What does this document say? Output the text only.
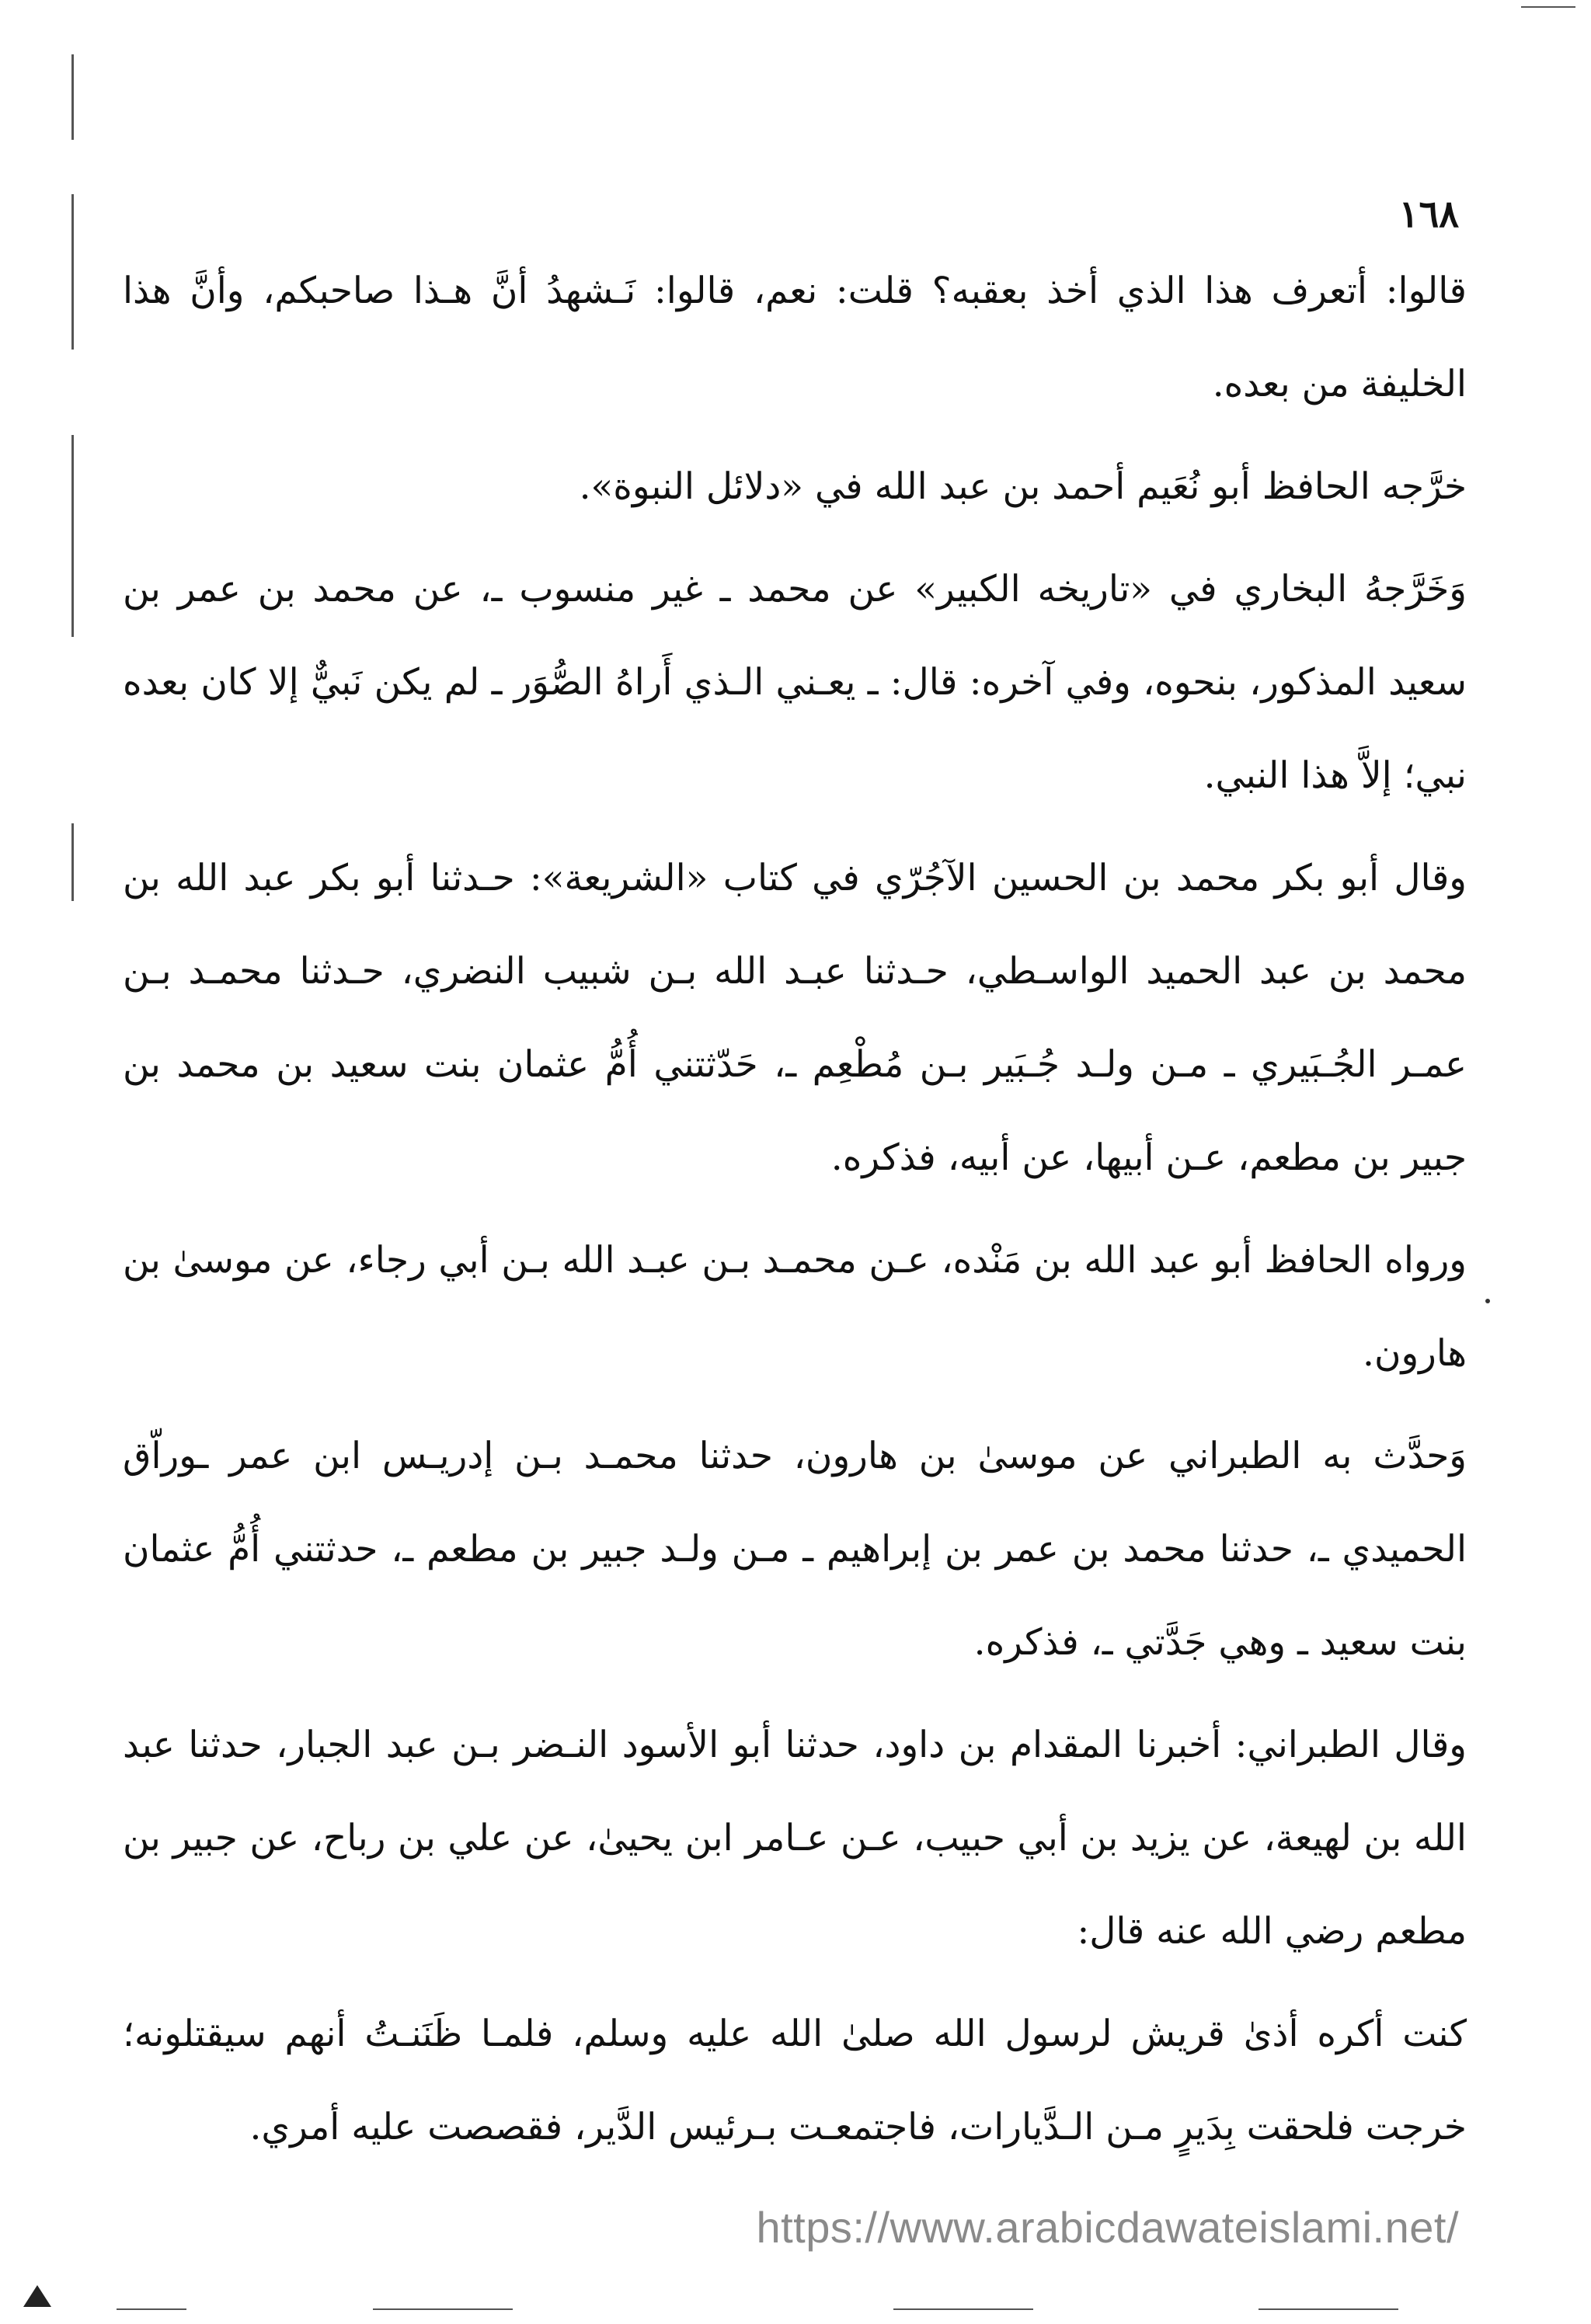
١٦٨

قالوا: أتعرف هذا الذي أخذ بعقبه؟ قلت: نعم، قالوا: نَـشهدُ أنَّ هـذا صاحبكم، وأنَّ هذا الخليفة من بعده.

خرَّجه الحافظ أبو نُعَيم أحمد بن عبد الله في «دلائل النبوة».

وَخَرَّجهُ البخاري في «تاريخه الكبير» عن محمد ـ غير منسوب ـ، عن محمد بن عمر بن سعيد المذكور، بنحوه، وفي آخره: قال: ـ يعـني الـذي أَراهُ الصُّوَر ـ لم يكن نَبيٌّ إلا كان بعده نبي؛ إلاَّ هذا النبي.

وقال أبو بكر محمد بن الحسين الآجُرّي في كتاب «الشريعة»: حـدثنا أبو بكر عبد الله بن محمد بن عبد الحميد الواسـطي، حـدثنا عبـد الله بـن شبيب النضري، حـدثنا محمـد بـن عمـر الجُـبَيري ـ مـن ولـد جُـبَير بـن مُطْعِم ـ، حَدّثتني أُمُّ عثمان بنت سعيد بن محمد بن جبير بن مطعم، عـن أبيها، عن أبيه، فذكره.

ورواه الحافظ أبو عبد الله بن مَنْده، عـن محمـد بـن عبـد الله بـن أبي رجاء، عن موسىٰ بن هارون.

وَحدَّث به الطبراني عن موسىٰ بن هارون، حدثنا محمـد بـن إدريـس ابن عمر ـوراّق الحميدي ـ، حدثنا محمد بن عمر بن إبراهيم ـ مـن ولـد جبير بن مطعم ـ، حدثتني أُمُّ عثمان بنت سعيد ـ وهي جَدَّتي ـ، فذكره.

وقال الطبراني: أخبرنا المقدام بن داود، حدثنا أبو الأسود النـضر بـن عبد الجبار، حدثنا عبد الله بن لهيعة، عن يزيد بن أبي حبيب، عـن عـامر ابن يحيىٰ، عن علي بن رباح، عن جبير بن مطعم رضي الله عنه قال:

كنت أكره أذىٰ قريش لرسول الله صلىٰ الله عليه وسلم، فلمـا ظَنَنـتُ أنهم سيقتلونه؛ خرجت فلحقت بِدَيرٍ مـن الـدَّيارات، فاجتمعـت بـرئيس الدَّير، فقصصت عليه أمري.

https://www.arabicdawateislami.net/
